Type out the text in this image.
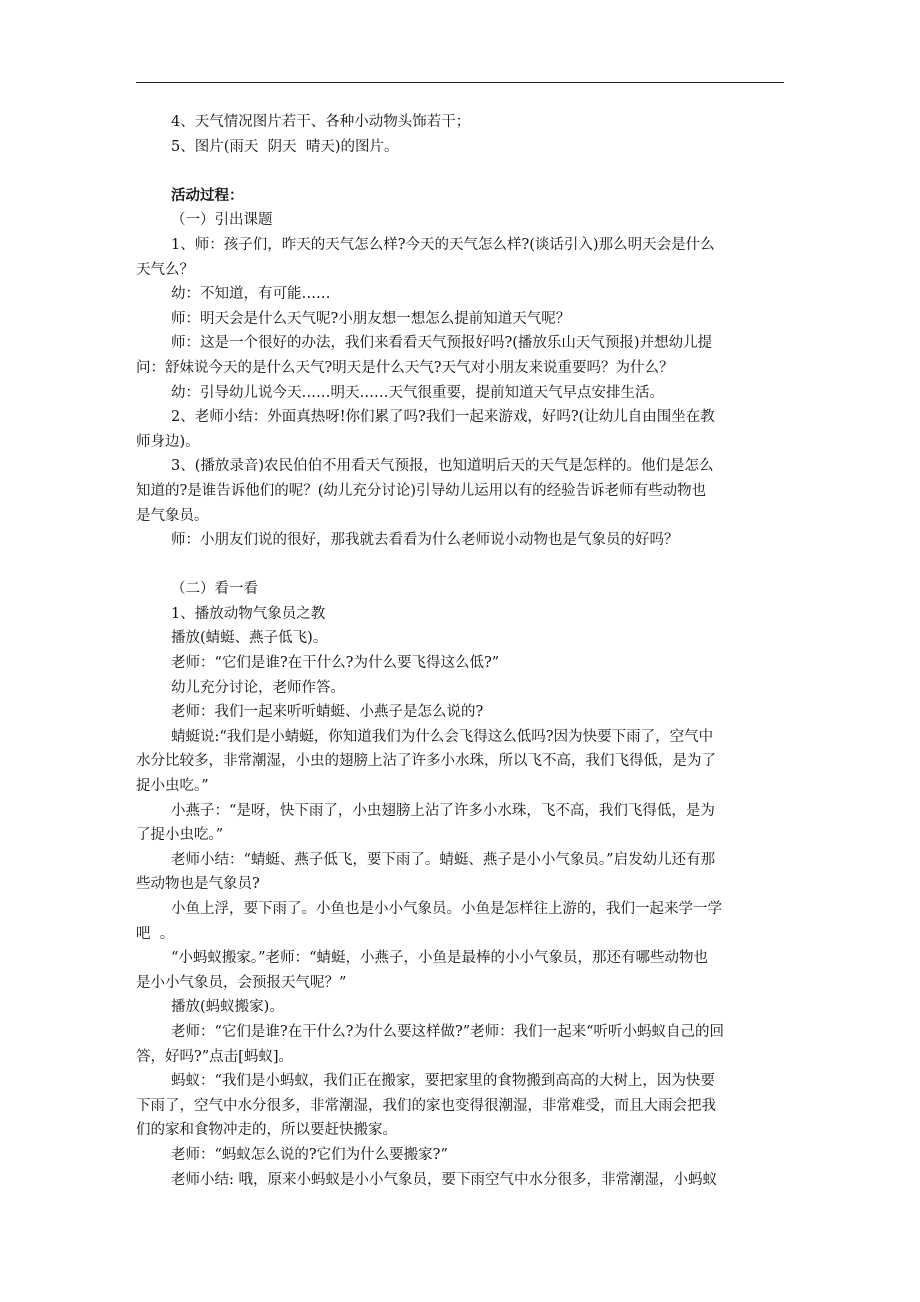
4、天气情况图片若干、各种小动物头饰若干；
5、图片(雨天  阴天  晴天)的图片。
活动过程：
（一）引出课题
1、师：孩子们，昨天的天气怎么样?今天的天气怎么样?(谈话引入)那么明天会是什么
天气么？
幼：不知道，有可能……
师：明天会是什么天气呢?小朋友想一想怎么提前知道天气呢？
师：这是一个很好的办法，我们来看看天气预报好吗?(播放乐山天气预报)并想幼儿提
问：舒妹说今天的是什么天气?明天是什么天气?天气对小朋友来说重要吗？为什么？
幼：引导幼儿说今天……明天……天气很重要，提前知道天气早点安排生活。
2、老师小结：外面真热呀!你们累了吗?我们一起来游戏，好吗?(让幼儿自由围坐在教
师身边)。
3、(播放录音)农民伯伯不用看天气预报，也知道明后天的天气是怎样的。他们是怎么
知道的?是谁告诉他们的呢？(幼儿充分讨论)引导幼儿运用以有的经验告诉老师有些动物也
是气象员。
师：小朋友们说的很好，那我就去看看为什么老师说小动物也是气象员的好吗？
（二）看一看
1、播放动物气象员之教
播放(蜻蜓、燕子低飞)。
老师：“它们是谁?在干什么?为什么要飞得这么低?”
幼儿充分讨论，老师作答。
老师：我们一起来听听蜻蜓、小燕子是怎么说的?
蜻蜓说:“我们是小蜻蜓，你知道我们为什么会飞得这么低吗?因为快要下雨了，空气中
水分比较多，非常潮湿，小虫的翅膀上沾了许多小水珠，所以飞不高，我们飞得低，是为了
捉小虫吃。”
小燕子：“是呀，快下雨了，小虫翅膀上沾了许多小水珠，飞不高，我们飞得低，是为
了捉小虫吃。”
老师小结：“蜻蜓、燕子低飞，要下雨了。蜻蜓、燕子是小小气象员。”启发幼儿还有那
些动物也是气象员?
小鱼上浮，要下雨了。小鱼也是小小气象员。小鱼是怎样往上游的，我们一起来学一学
吧  。
“小蚂蚁搬家。”老师：“蜻蜓，小燕子，小鱼是最棒的小小气象员，那还有哪些动物也
是小小气象员，会预报天气呢？”
播放(蚂蚁搬家)。
老师：“它们是谁?在干什么?为什么要这样做?”老师：我们一起来“听听小蚂蚁自己的回
答，好吗?”点击[蚂蚁]。
蚂蚁：“我们是小蚂蚁，我们正在搬家，要把家里的食物搬到高高的大树上，因为快要
下雨了，空气中水分很多，非常潮湿，我们的家也变得很潮湿，非常难受，而且大雨会把我
们的家和食物冲走的，所以要赶快搬家。
老师：“蚂蚁怎么说的?它们为什么要搬家?”
老师小结: 哦，原来小蚂蚁是小小气象员，要下雨空气中水分很多，非常潮湿，小蚂蚁
